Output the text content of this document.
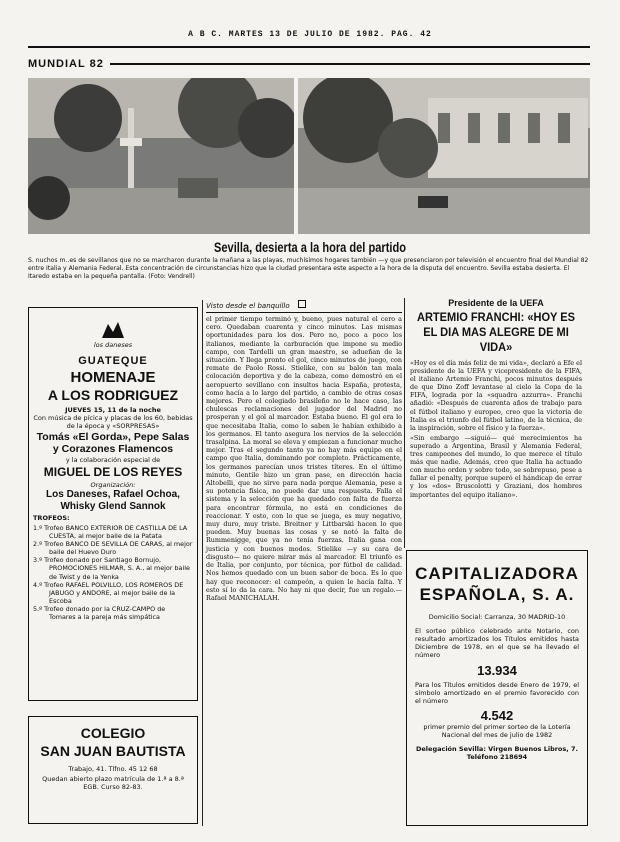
A B C. MARTES 13 DE JULIO DE 1982. PAG. 42
MUNDIAL 82
Sevilla, desierta a la hora del partido
S. nuchos m..es de sevillanos que no se marcharon durante la mañana a las playas, muchísimos hogares también —y que presenciaron por televisión el encuentro final del Mundial 82 entre Italia y Alemania Federal. Esta concentración de circunstancias hizo que la ciudad presentara este aspecto a la hora de la disputa del encuentro. Sevilla estaba desierta. El Itaredo estaba en la pequeña pantalla. (Foto: Vendrell)
los daneses
GUATEQUE
HOMENAJE
A LOS RODRIGUEZ
JUEVES 15, 11 de la noche
Con música de pícica y placas de los 60, bebidas de la época y «SORPRESAS»
Tomás «El Gorda», Pepe Salas y Corazones Flamencos
y la colaboración especial de
MIGUEL DE LOS REYES
Organización:
Los Daneses, Rafael Ochoa, Whisky Glend Sannok
TROFEOS:
1.º Trofeo BANCO EXTERIOR DE CASTILLA DE LA CUESTA, al mejor baile de la Patata
2.º Trofeo BANCO DE SEVILLA DE CARAS, al mejor baile del Huevo Duro
3.º Trofeo donado por Santiago Bornujo, PROMOCIONES HILMAR, S. A., al mejor baile de Twist y de la Yenka
4.º Trofeo RAFAEL POLVILLO, LOS ROMEROS DE JABUGO y ANDORE, al mejor baile de la Escoba
5.º Trofeo donado por la CRUZ-CAMPO de Tomares a la pareja más simpática
COLEGIO
SAN JUAN BAUTISTA
Trabajo, 41. Tlfno. 45 12 68
Quedan abierto plazo matrícula de 1.ª a 8.ª EGB. Curso 82-83.
Visto desde el banquillo

el primer tiempo terminó y, bueno, pues natural el cero a cero. Quedaban cuarenta y cinco minutos. Las mismas oportunidades para los dos. Pero no, poco a poco los italianos, mediante la carburación que impone su medio campo, con Tardelli un gran maestro, se adueñan de la situación. Y llega pronto el gol, cinco minutos de juego, con remate de Paolo Rossi. Stielike, con su balón tan mala colocación deportiva y de la cabeza, como demostró en el aeropuerto sevillano con insultos hacia España, protesta, como hacía a lo largo del partido, a cambio de otras cosas mejores. Pero el colegiado brasileño no le hace caso, las chulescas reclamaciones del jugador del Madrid no prosperan y el gol al marcador. Estaba bueno. El gol era lo que necesitaba Italia, como lo saben le habían exhibido a los germanos. El tanto asegura los nervios de la selección trasalpina. La moral se eleva y empiezan a funcionar mucho mejor. Tras el segundo tanto ya no hay más equipo en el campo que Italia, dominando por completo. Prácticamente, los germanos parecían unos tristes títeres. En el último minuto, Gentile hizo un gran pase, en dirección hacia Altobelli, que no sirve para nada porque Alemania, pese a su potencia física, no puede dar una respuesta. Falla el sistema y la selección que ha quedado con falta de fuerza para encontrar fórmula, no está en condiciones de reaccionar. Y esto, con lo que se juega, es muy negativo, muy duro, muy triste. Breitner y Littbarski hacen lo que pueden. Muy buenas las cosas y se notó la falta de Rummenigge, que ya no tenía fuerzas. Italia gana con justicia y con buenos modos. Stielike —y su cara de disgusto— no quiere mirar más al marcador. El triunfo es de Italia, por conjunto, por técnica, por fútbol de calidad. Nos hemos quedado con un buen sabor de boca. Es lo que hay que reconocer: el campeón, a quien le hacía falta. Y esto sí lo da la cara. No hay ni que decir, fue un regalo.—Rafael MANICHALAH.

Presidente de la UEFA
ARTEMIO FRANCHI: «HOY ES EL DIA MAS ALEGRE DE MI VIDA»

«Hoy es el día más feliz de mi vida», declaró a Efe el presidente de la UEFA y vicepresidente de la FIFA, el italiano Artemio Franchi, pocos minutos después de que Dino Zoff levantase al cielo la Copa de la FIFA, lograda por la «squadra azzurra». Franchi añadió: «Después de cuarenta años de trabajo para el fútbol italiano y europeo, creo que la victoria de Italia es el triunfo del fútbol latino, de la técnica, de la inspiración, sobre el físico y la fuerza».

«Sin embargo —siguió— qué merecimientos ha superado a Argentina, Brasil y Alemania Federal, tres campeones del mundo, lo que merece el título más que nadie. Además, creo que Italia ha actuado con mucho orden y sobre todo, se sobrepuso, pese a fallar el penalty, porque superó el hándicap de errar y los «dos» Bruscolotti y Graziani, dos hombres importantes del equipo italiano».

CAPITALIZADORA ESPAÑOLA, S. A.
Domicilio Social: Carranza, 30 MADRID-10
El sorteo público celebrado ante Notario, con resultado amortizados los Títulos emitidos hasta Diciembre de 1978, en el que se ha llevado el número
13.934
Para los Títulos emitidos desde Enero de 1979, el símbolo amortizado en el premio favorecido con el número
4.542
primer premio del primer sorteo de la Lotería Nacional del mes de julio de 1982
Delegación Sevilla: Virgen Buenos Libros, 7. Teléfono 218694
